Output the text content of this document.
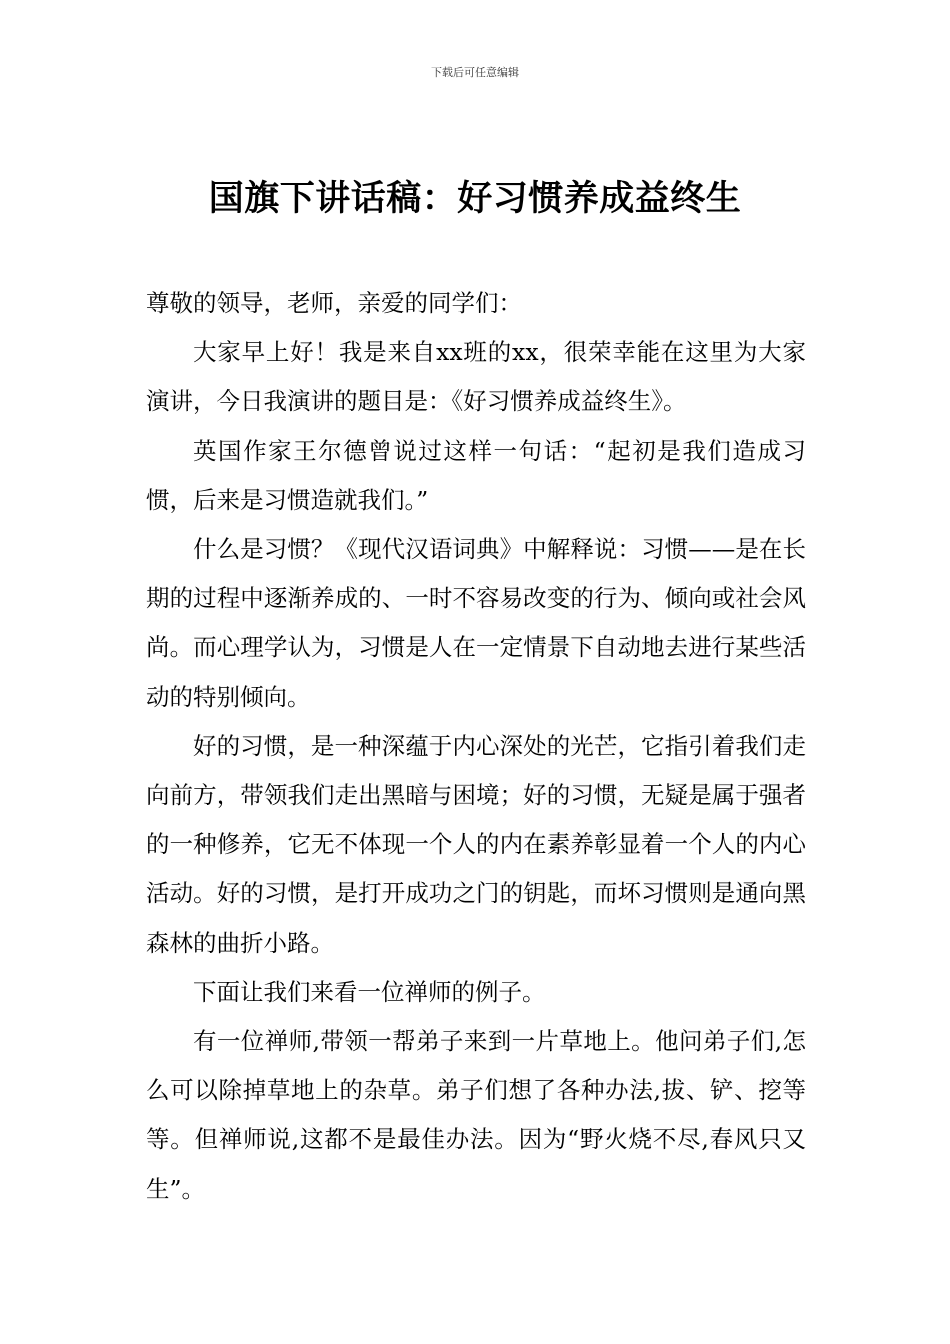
下载后可任意编辑
国旗下讲话稿：好习惯养成益终生

尊敬的领导，老师，亲爱的同学们：

大家早上好！我是来自xx班的xx，很荣幸能在这里为大家演讲，今日我演讲的题目是：《好习惯养成益终生》。

英国作家王尔德曾说过这样一句话：“起初是我们造成习惯，后来是习惯造就我们。”

什么是习惯？《现代汉语词典》中解释说：习惯——是在长期的过程中逐渐养成的、一时不容易改变的行为、倾向或社会风尚。而心理学认为，习惯是人在一定情景下自动地去进行某些活动的特别倾向。

好的习惯，是一种深蕴于内心深处的光芒，它指引着我们走向前方，带领我们走出黑暗与困境；好的习惯，无疑是属于强者的一种修养，它无不体现一个人的内在素养彰显着一个人的内心活动。好的习惯，是打开成功之门的钥匙，而坏习惯则是通向黑森林的曲折小路。

下面让我们来看一位禅师的例子。

有一位禅师,带领一帮弟子来到一片草地上。他问弟子们,怎么可以除掉草地上的杂草。弟子们想了各种办法,拔、铲、挖等等。但禅师说,这都不是最佳办法。因为“野火烧不尽,春风只又生”。
